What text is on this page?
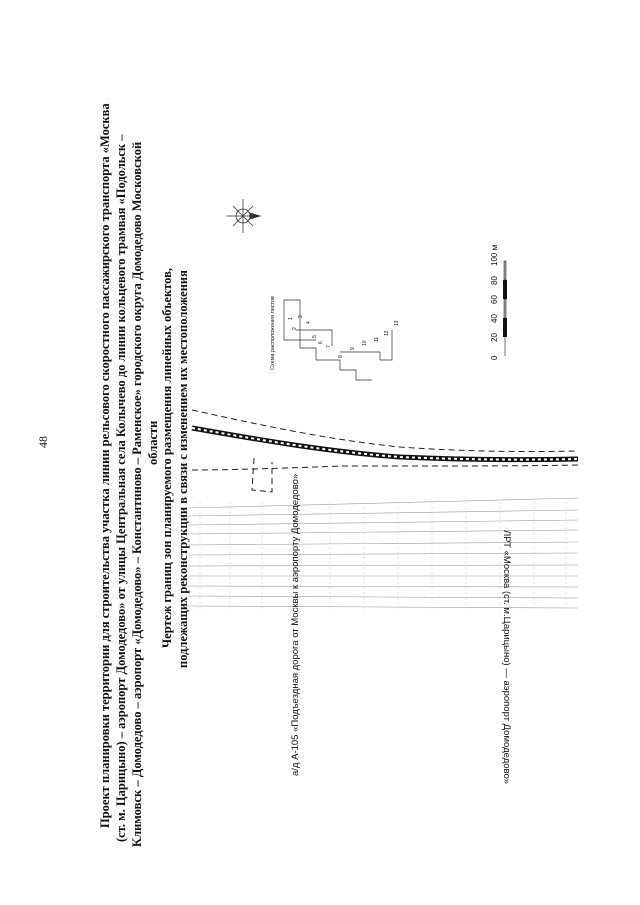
48	Проект планировки территории для строительства участка линии рельсового скоростного пассажирского транспорта «Москва (ст. м. Царицыно) – аэропорт Домодедово» от улицы Центральная села Колычево до линии кольцевого трамвая «Подольск – Климовск – Домодедово – аэропорт «Домодедово» – Константиново – Раменское» городского округа Домодедово Московской области Чертеж границ зон планируемого размещения линейных объектов, подлежащих реконструкции в связи с изменением их местоположения	а/д А-105 «Подъездная дорога от Москвы к аэропорту Домодедово»	ЛРТ «Москва (ст. м.Царицыно) — аэропорт Домодедово»
Схема расположения листов 1
2
3
4
5
6
7
8
9
10
11
12
13
0
20
40
60
80
100 м
